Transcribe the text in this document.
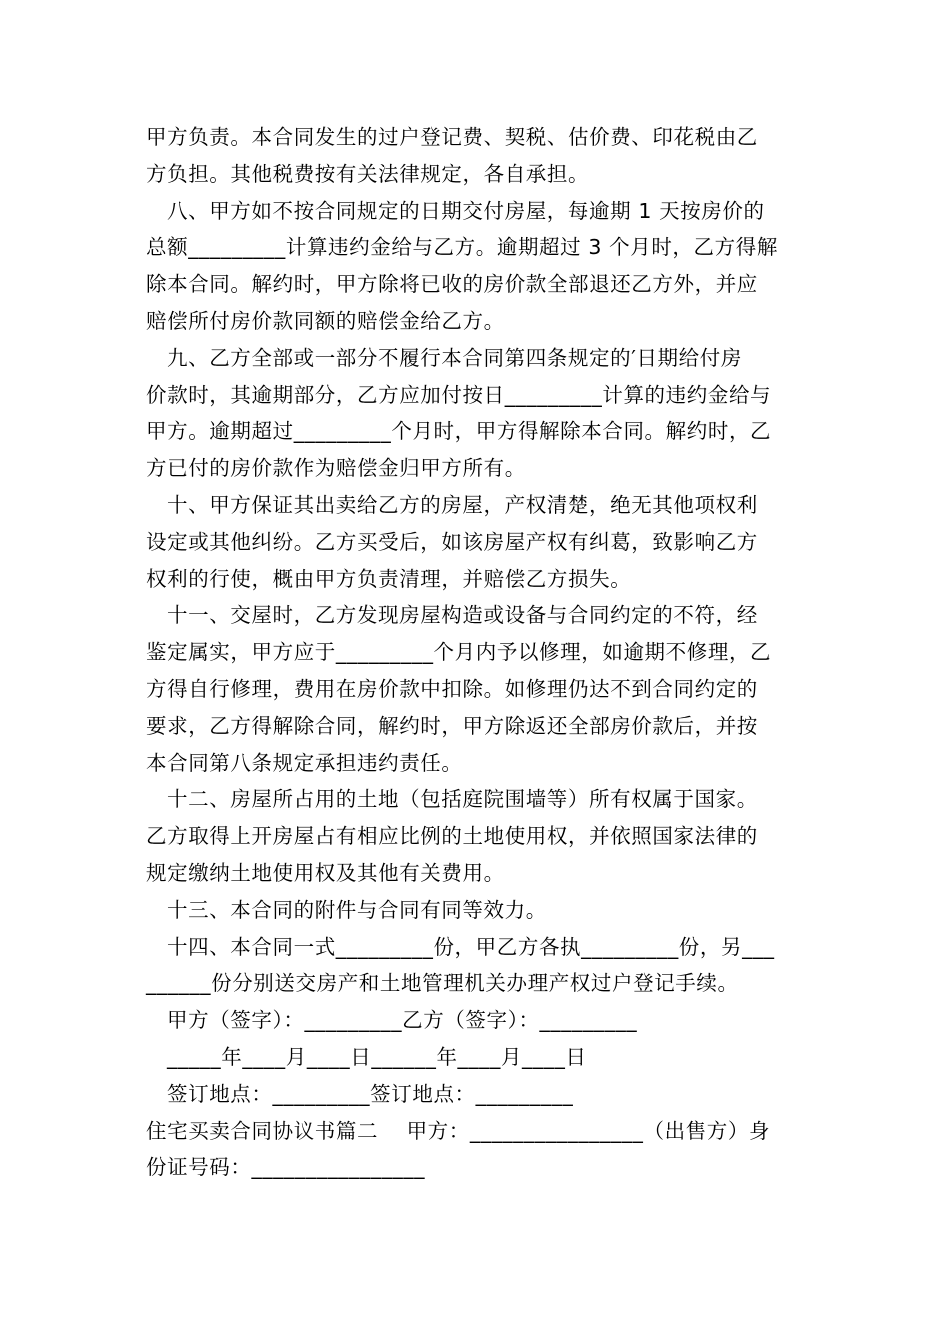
甲方负责。本合同发生的过户登记费、契税、估价费、印花税由乙
方负担。其他税费按有关法律规定，各自承担。
八、甲方如不按合同规定的日期交付房屋，每逾期 1 天按房价的
总额_________计算违约金给与乙方。逾期超过 3 个月时，乙方得解
除本合同。解约时，甲方除将已收的房价款全部退还乙方外，并应
赔偿所付房价款同额的赔偿金给乙方。
九、乙方全部或一部分不履行本合同第四条规定的′日期给付房
价款时，其逾期部分，乙方应加付按日_________计算的违约金给与
甲方。逾期超过_________个月时，甲方得解除本合同。解约时，乙
方已付的房价款作为赔偿金归甲方所有。
十、甲方保证其出卖给乙方的房屋，产权清楚，绝无其他项权利
设定或其他纠纷。乙方买受后，如该房屋产权有纠葛，致影响乙方
权利的行使，概由甲方负责清理，并赔偿乙方损失。
十一、交屋时，乙方发现房屋构造或设备与合同约定的不符，经
鉴定属实，甲方应于_________个月内予以修理，如逾期不修理，乙
方得自行修理，费用在房价款中扣除。如修理仍达不到合同约定的
要求，乙方得解除合同，解约时，甲方除返还全部房价款后，并按
本合同第八条规定承担违约责任。
十二、房屋所占用的土地（包括庭院围墙等）所有权属于国家。
乙方取得上开房屋占有相应比例的土地使用权，并依照国家法律的
规定缴纳土地使用权及其他有关费用。
十三、本合同的附件与合同有同等效力。
十四、本合同一式_________份，甲乙方各执_________份，另___
______份分别送交房产和土地管理机关办理产权过户登记手续。
甲方（签字）：_________乙方（签字）：_________
_____年____月____日______年____月____日
签订地点：_________签订地点：_________
住宅买卖合同协议书篇二    甲方：________________（出售方）身
份证号码：________________
